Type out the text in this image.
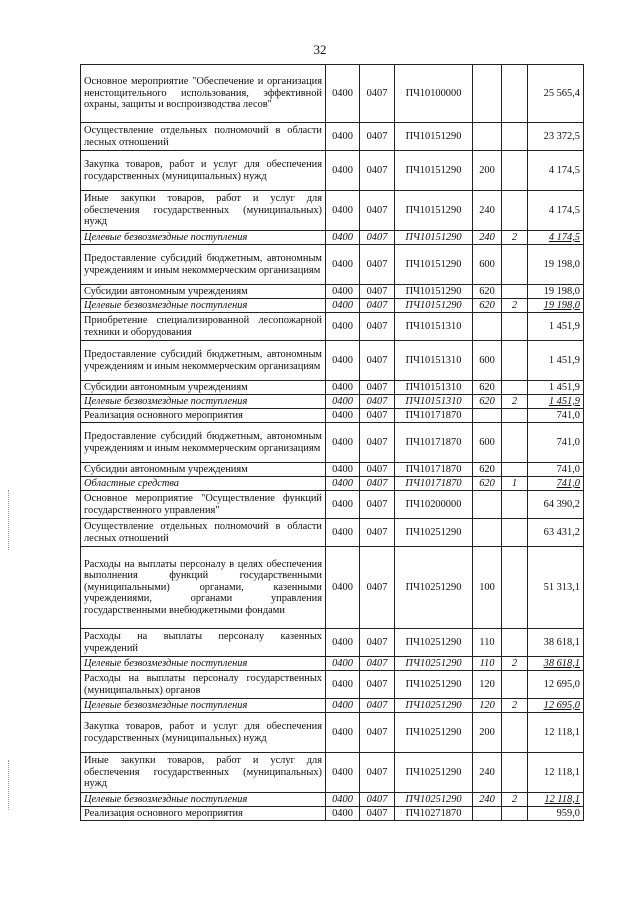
32
Основное мероприятие "Обеспечение и организация ненстощительного использования, эффективной охраны, защиты и воспроизводства лесов"	0400	0407	ПЧ10100000			25 565,4
Осуществление отдельных полномочий в области лесных отношений	0400	0407	ПЧ10151290			23 372,5
Закупка товаров, работ и услуг для обеспечения государственных (муниципальных) нужд	0400	0407	ПЧ10151290	200		4 174,5
Иные закупки товаров, работ и услуг для обеспечения государственных (муниципальных) нужд	0400	0407	ПЧ10151290	240		4 174,5
Целевые безвозмездные поступления	0400	0407	ПЧ10151290	240	2	4 174,5
Предоставление субсидий бюджетным, автономным учреждениям и иным некоммерческим организациям	0400	0407	ПЧ10151290	600		19 198,0
Субсидии автономным учреждениям	0400	0407	ПЧ10151290	620		19 198,0
Целевые безвозмездные поступления	0400	0407	ПЧ10151290	620	2	19 198,0
Приобретение специализированной лесопожарной техники и оборудования	0400	0407	ПЧ10151310			1 451,9
Предоставление субсидий бюджетным, автономным учреждениям и иным некоммерческим организациям	0400	0407	ПЧ10151310	600		1 451,9
Субсидии автономным учреждениям	0400	0407	ПЧ10151310	620		1 451,9
Целевые безвозмездные поступления	0400	0407	ПЧ10151310	620	2	1 451,9
Реализация основного мероприятия	0400	0407	ПЧ10171870			741,0
Предоставление субсидий бюджетным, автономным учреждениям и иным некоммерческим организациям	0400	0407	ПЧ10171870	600		741,0
Субсидии автономным учреждениям	0400	0407	ПЧ10171870	620		741,0
Областные средства	0400	0407	ПЧ10171870	620	1	741,0
Основное мероприятие "Осуществление функций государственного управления"	0400	0407	ПЧ10200000			64 390,2
Осуществление отдельных полномочий в области лесных отношений	0400	0407	ПЧ10251290			63 431,2
Расходы на выплаты персоналу в целях обеспечения выполнения функций государственными (муниципальными) органами, казенными учреждениями, органами управления государственными внебюджетными фондами	0400	0407	ПЧ10251290	100		51 313,1
Расходы на выплаты персоналу казенных учреждений	0400	0407	ПЧ10251290	110		38 618,1
Целевые безвозмездные поступления	0400	0407	ПЧ10251290	110	2	38 618,1
Расходы на выплаты персоналу государственных (муниципальных) органов	0400	0407	ПЧ10251290	120		12 695,0
Целевые безвозмездные поступления	0400	0407	ПЧ10251290	120	2	12 695,0
Закупка товаров, работ и услуг для обеспечения государственных (муниципальных) нужд	0400	0407	ПЧ10251290	200		12 118,1
Иные закупки товаров, работ и услуг для обеспечения государственных (муниципальных) нужд	0400	0407	ПЧ10251290	240		12 118,1
Целевые безвозмездные поступления	0400	0407	ПЧ10251290	240	2	12 118,1
Реализация основного мероприятия	0400	0407	ПЧ10271870			959,0
